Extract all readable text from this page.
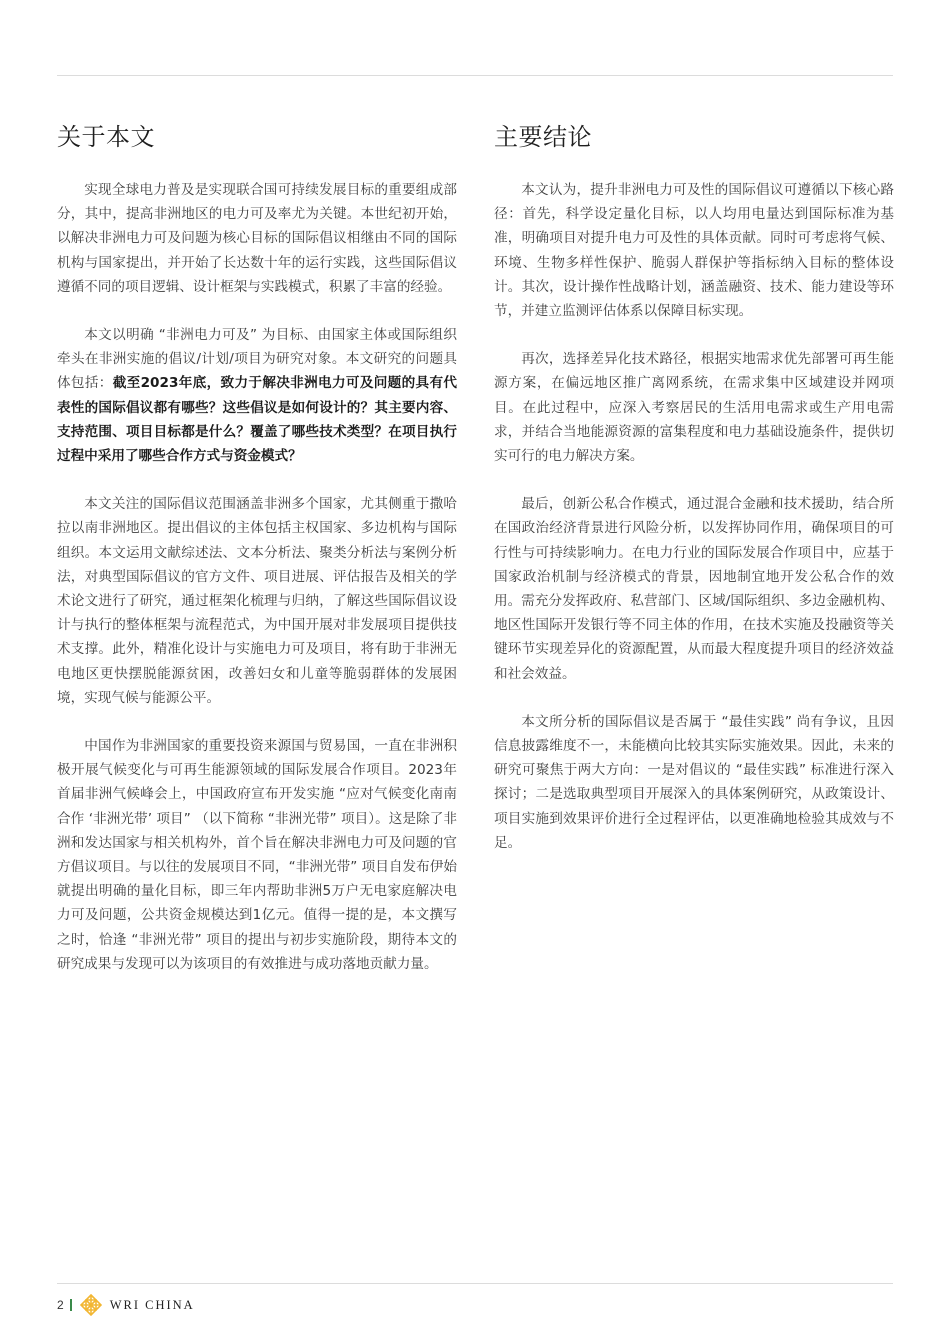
关于本文

实现全球电力普及是实现联合国可持续发展目标的重要组成部分，其中，提高非洲地区的电力可及率尤为关键。本世纪初开始，以解决非洲电力可及问题为核心目标的国际倡议相继由不同的国际机构与国家提出，并开始了长达数十年的运行实践，这些国际倡议遵循不同的项目逻辑、设计框架与实践模式，积累了丰富的经验。

本文以明确 “非洲电力可及” 为目标、由国家主体或国际组织牵头在非洲实施的倡议/计划/项目为研究对象。本文研究的问题具体包括：截至2023年底，致力于解决非洲电力可及问题的具有代表性的国际倡议都有哪些？这些倡议是如何设计的？其主要内容、支持范围、项目目标都是什么？覆盖了哪些技术类型？在项目执行过程中采用了哪些合作方式与资金模式？

本文关注的国际倡议范围涵盖非洲多个国家，尤其侧重于撒哈拉以南非洲地区。提出倡议的主体包括主权国家、多边机构与国际组织。本文运用文献综述法、文本分析法、聚类分析法与案例分析法，对典型国际倡议的官方文件、项目进展、评估报告及相关的学术论文进行了研究，通过框架化梳理与归纳，了解这些国际倡议设计与执行的整体框架与流程范式，为中国开展对非发展项目提供技术支撑。此外，精准化设计与实施电力可及项目，将有助于非洲无电地区更快摆脱能源贫困，改善妇女和儿童等脆弱群体的发展困境，实现气候与能源公平。

中国作为非洲国家的重要投资来源国与贸易国，一直在非洲积极开展气候变化与可再生能源领域的国际发展合作项目。2023年首届非洲气候峰会上，中国政府宣布开发实施 “应对气候变化南南合作 ‘非洲光带’ 项目” （以下简称 “非洲光带” 项目）。这是除了非洲和发达国家与相关机构外，首个旨在解决非洲电力可及问题的官方倡议项目。与以往的发展项目不同，“非洲光带” 项目自发布伊始就提出明确的量化目标，即三年内帮助非洲5万户无电家庭解决电力可及问题，公共资金规模达到1亿元。值得一提的是，本文撰写之时，恰逢 “非洲光带” 项目的提出与初步实施阶段，期待本文的研究成果与发现可以为该项目的有效推进与成功落地贡献力量。

主要结论

本文认为，提升非洲电力可及性的国际倡议可遵循以下核心路径：首先，科学设定量化目标，以人均用电量达到国际标准为基准，明确项目对提升电力可及性的具体贡献。同时可考虑将气候、环境、生物多样性保护、脆弱人群保护等指标纳入目标的整体设计。其次，设计操作性战略计划，涵盖融资、技术、能力建设等环节，并建立监测评估体系以保障目标实现。

再次，选择差异化技术路径，根据实地需求优先部署可再生能源方案，在偏远地区推广离网系统，在需求集中区域建设并网项目。在此过程中，应深入考察居民的生活用电需求或生产用电需求，并结合当地能源资源的富集程度和电力基础设施条件，提供切实可行的电力解决方案。

最后，创新公私合作模式，通过混合金融和技术援助，结合所在国政治经济背景进行风险分析，以发挥协同作用，确保项目的可行性与可持续影响力。在电力行业的国际发展合作项目中，应基于国家政治机制与经济模式的背景，因地制宜地开发公私合作的效用。需充分发挥政府、私营部门、区域/国际组织、多边金融机构、地区性国际开发银行等不同主体的作用，在技术实施及投融资等关键环节实现差异化的资源配置，从而最大程度提升项目的经济效益和社会效益。

本文所分析的国际倡议是否属于 “最佳实践” 尚有争议，且因信息披露维度不一，未能横向比较其实际实施效果。因此，未来的研究可聚焦于两大方向：一是对倡议的 “最佳实践” 标准进行深入探讨；二是选取典型项目开展深入的具体案例研究，从政策设计、项目实施到效果评价进行全过程评估，以更准确地检验其成效与不足。

2	WRI CHINA
